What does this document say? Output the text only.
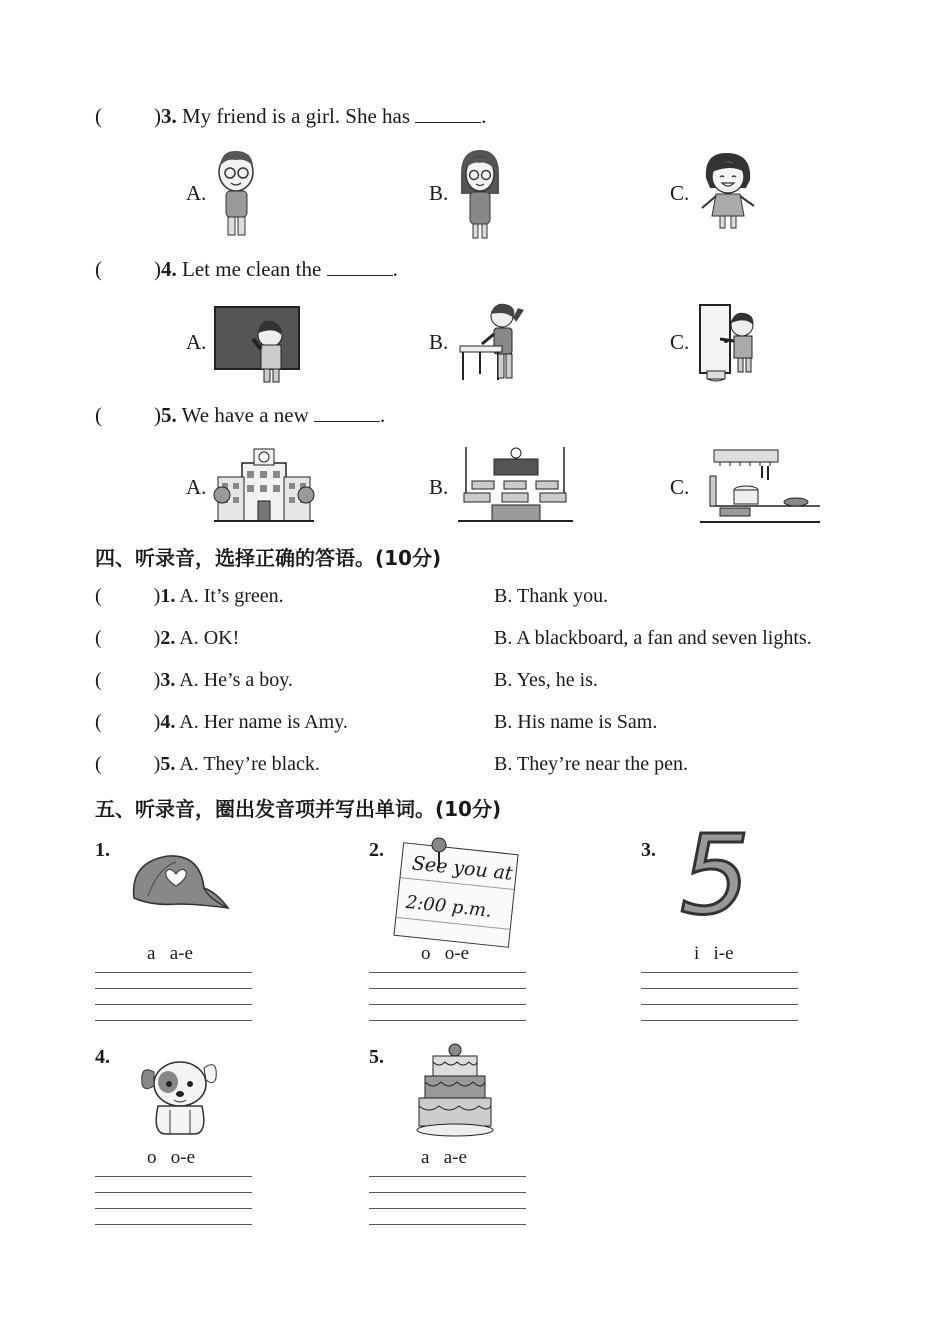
( )3. My friend is a girl. She has	.
A.	B.	C.
( )4. Let me clean the	.
A.	B.	C.
( )5. We have a new	.
A.	B.	C.
四、听录音，选择正确的答语。(10分)
(	)1. A. It’s green.	B. Thank you.
(	)2. A. OK!	B. A blackboard, a fan and seven lights.
(	)3. A. He’s a boy.	B. Yes, he is.
(	)4. A. Her name is Amy.	B. His name is Sam.
(	)5. A. They’re black.	B. They’re near the pen.
五、听录音，圈出发音项并写出单词。(10分)
1.
a a-e
2.
See you at
2:00 p.m.
o o-e
3. 5
i i-e
4.
o o-e
5.
a a-e
